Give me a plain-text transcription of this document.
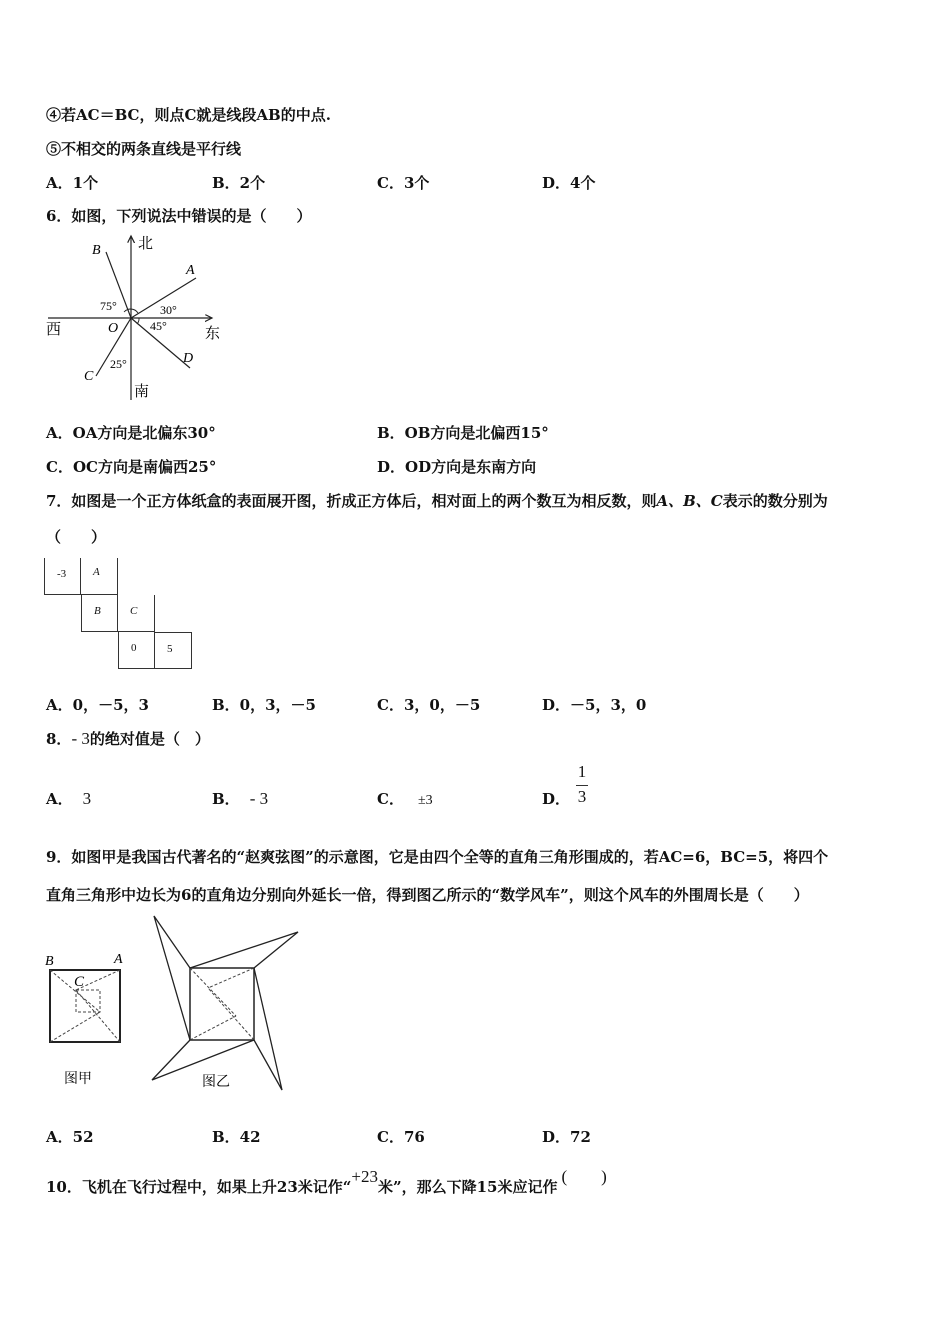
④若AC＝BC，则点C就是线段AB的中点.
⑤不相交的两条直线是平行线
A．1个	B．2个	C．3个	D．4个
6．如图，下列说法中错误的是（　　）
北
南
西	东
B
A
D
C
O
75°	30°
45°
25°
A．OA方向是北偏东30°	B．OB方向是北偏西15°
C．OC方向是南偏西25°	D．OD方向是东南方向
7．如图是一个正方体纸盒的表面展开图，折成正方体后，相对面上的两个数互为相反数，则A、B、C表示的数分别为
（　　）
-3 A
B	C
0	5
A．0，－5，3	B．0，3，－5	C．3，0，－5	D．－5，3，0
8．- 3的绝对值是（　）
A． 3	B． - 3	C． ±3	D．
1
3
9．如图甲是我国古代著名的“赵爽弦图”的示意图，它是由四个全等的直角三角形围成的，若AC=6，BC=5，将四个
直角三角形中边长为6的直角边分别向外延长一倍，得到图乙所示的“数学风车”，则这个风车的外围周长是（　　）
B	A
C
图甲	图乙
A．52	B．42	C．76	D．72
10．飞机在飞行过程中，如果上升23米记作“+23米”，那么下降15米应记作(　　)
